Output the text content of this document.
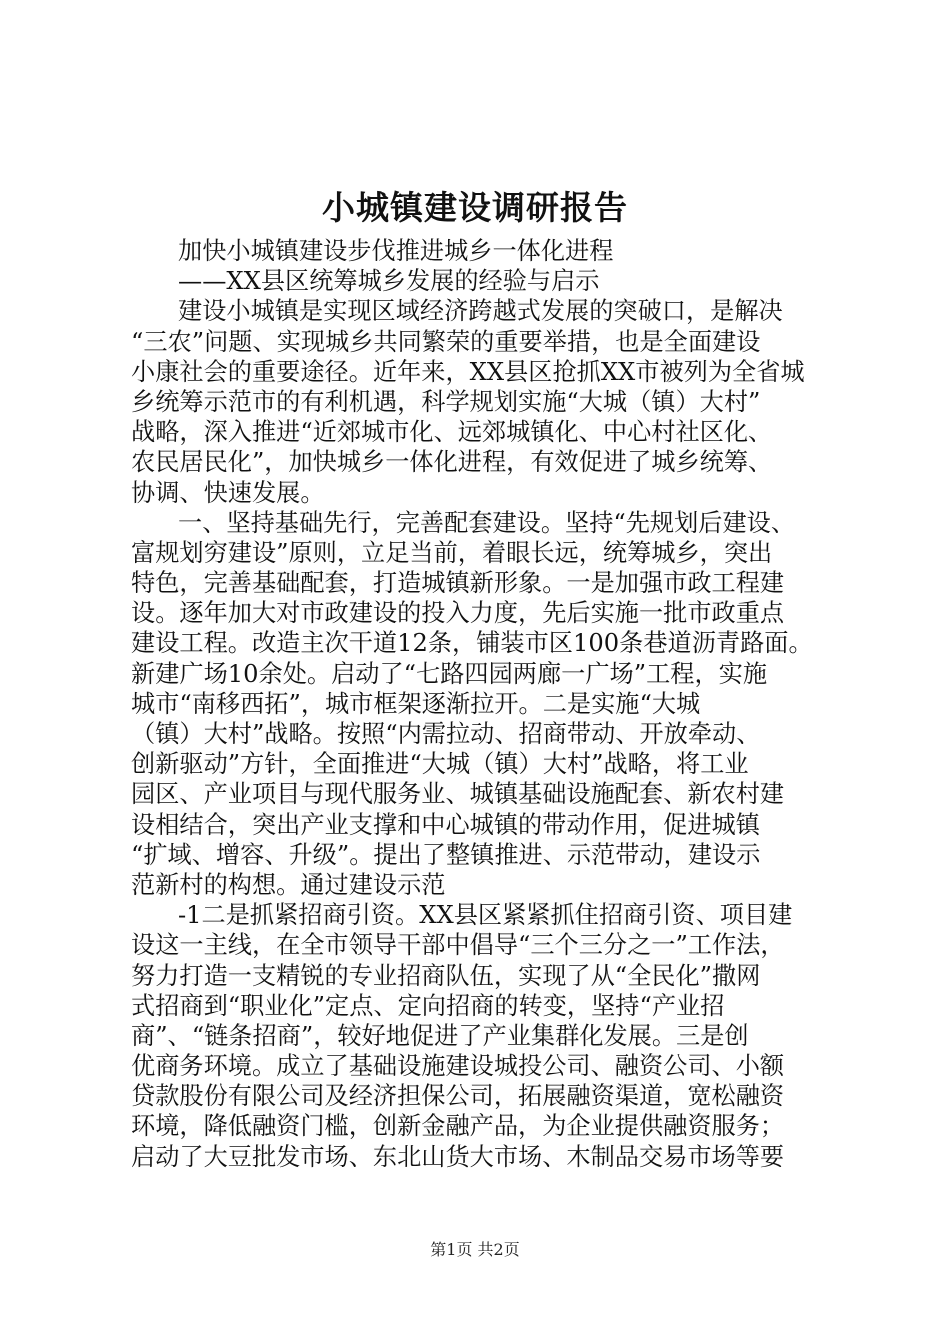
小城镇建设调研报告
加快小城镇建设步伐推进城乡一体化进程
——XX县区统筹城乡发展的经验与启示
建设小城镇是实现区域经济跨越式发展的突破口，是解决
“三农”问题、实现城乡共同繁荣的重要举措，也是全面建设
小康社会的重要途径。近年来，XX县区抢抓XX市被列为全省城
乡统筹示范市的有利机遇，科学规划实施“大城（镇）大村”
战略，深入推进“近郊城市化、远郊城镇化、中心村社区化、
农民居民化”，加快城乡一体化进程，有效促进了城乡统筹、
协调、快速发展。
一、坚持基础先行，完善配套建设。坚持“先规划后建设、
富规划穷建设”原则，立足当前，着眼长远，统筹城乡，突出
特色，完善基础配套，打造城镇新形象。一是加强市政工程建
设。逐年加大对市政建设的投入力度，先后实施一批市政重点
建设工程。改造主次干道12条，铺装市区100条巷道沥青路面。
新建广场10余处。启动了“七路四园两廊一广场”工程，实施
城市“南移西拓”，城市框架逐渐拉开。二是实施“大城
（镇）大村”战略。按照“内需拉动、招商带动、开放牵动、
创新驱动”方针，全面推进“大城（镇）大村”战略，将工业
园区、产业项目与现代服务业、城镇基础设施配套、新农村建
设相结合，突出产业支撑和中心城镇的带动作用，促进城镇
“扩域、增容、升级”。提出了整镇推进、示范带动，建设示
范新村的构想。通过建设示范
-1二是抓紧招商引资。XX县区紧紧抓住招商引资、项目建
设这一主线，在全市领导干部中倡导“三个三分之一”工作法，
努力打造一支精锐的专业招商队伍，实现了从“全民化”撒网
式招商到“职业化”定点、定向招商的转变，坚持“产业招
商”、“链条招商”，较好地促进了产业集群化发展。三是创
优商务环境。成立了基础设施建设城投公司、融资公司、小额
贷款股份有限公司及经济担保公司，拓展融资渠道，宽松融资
环境，降低融资门槛，创新金融产品，为企业提供融资服务；
启动了大豆批发市场、东北山货大市场、木制品交易市场等要
第1页 共2页
